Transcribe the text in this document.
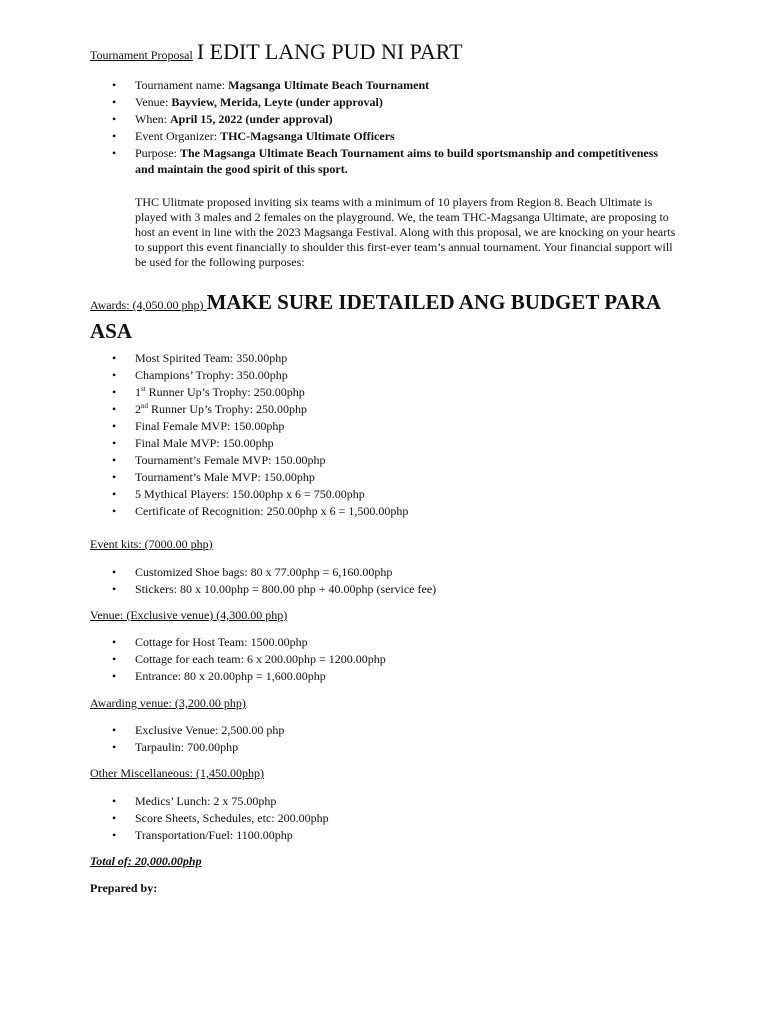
Tournament Proposal I EDIT LANG PUD NI PART
• Tournament name: Magsanga Ultimate Beach Tournament
• Venue: Bayview, Merida, Leyte (under approval)
• When: April 15, 2022 (under approval)
• Event Organizer: THC-Magsanga Ultimate Officers
• Purpose: The Magsanga Ultimate Beach Tournament aims to build sportsmanship and competitiveness and maintain the good spirit of this sport.
THC Ulitmate proposed inviting six teams with a minimum of 10 players from Region 8. Beach Ultimate is played with 3 males and 2 females on the playground. We, the team THC-Magsanga Ultimate, are proposing to host an event in line with the 2023 Magsanga Festival. Along with this proposal, we are knocking on your hearts to support this event financially to shoulder this first-ever team’s annual tournament. Your financial support will be used for the following purposes:
Awards: (4,050.00 php) MAKE SURE IDETAILED ANG BUDGET PARA
ASA
• Most Spirited Team: 350.00php
• Champions’ Trophy: 350.00php
• 1st Runner Up’s Trophy: 250.00php
• 2nd Runner Up’s Trophy: 250.00php
• Final Female MVP: 150.00php
• Final Male MVP: 150.00php
• Tournament’s Female MVP: 150.00php
• Tournament’s Male MVP: 150.00php
• 5 Mythical Players: 150.00php x 6 = 750.00php
• Certificate of Recognition: 250.00php x 6 = 1,500.00php
Event kits: (7000.00 php)
• Customized Shoe bags: 80 x 77.00php = 6,160.00php
• Stickers: 80 x 10.00php = 800.00 php + 40.00php (service fee)
Venue: (Exclusive venue) (4,300.00 php)
• Cottage for Host Team: 1500.00php
• Cottage for each team: 6 x 200.00php = 1200.00php
• Entrance: 80 x 20.00php = 1,600.00php
Awarding venue: (3,200.00 php)
• Exclusive Venue: 2,500.00 php
• Tarpaulin: 700.00php
Other Miscellaneous: (1,450.00php)
• Medics’ Lunch: 2 x 75.00php
• Score Sheets, Schedules, etc: 200.00php
• Transportation/Fuel: 1100.00php
Total of: 20,000.00php
Prepared by:
